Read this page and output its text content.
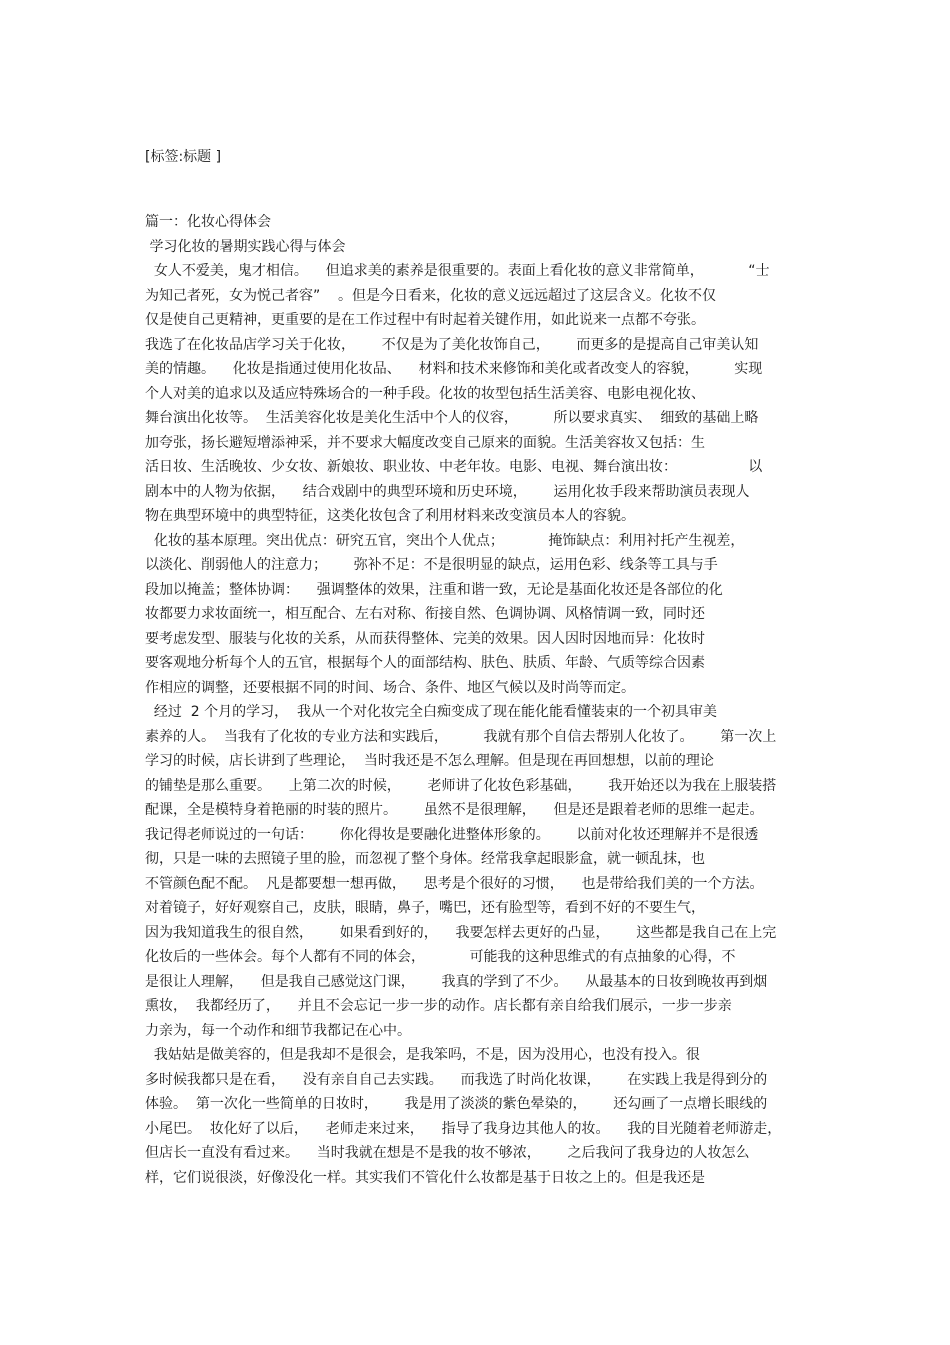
[标签:标题 ]
篇一：化妆心得体会
学习化妆的暑期实践心得与体会
女人不爱美，鬼才相信。    但追求美的素养是很重要的。表面上看化妆的意义非常简单，          “士
为知己者死，女为悦己者容”    。但是今日看来，化妆的意义远远超过了这层含义。化妆不仅
仅是使自己更精神，更重要的是在工作过程中有时起着关键作用，如此说来一点都不夸张。
我选了在化妆品店学习关于化妆，      不仅是为了美化妆饰自己，      而更多的是提高自己审美认知
美的情趣。    化妆是指通过使用化妆品、    材料和技术来修饰和美化或者改变人的容貌，        实现
个人对美的追求以及适应特殊场合的一种手段。化妆的妆型包括生活美容、电影电视化妆、
舞台演出化妆等。  生活美容化妆是美化生活中个人的仪容，        所以要求真实、  细致的基础上略
加夸张，扬长避短增添神采，并不要求大幅度改变自己原来的面貌。生活美容妆又包括：生
活日妆、生活晚妆、少女妆、新娘妆、职业妆、中老年妆。电影、电视、舞台演出妆：                以
剧本中的人物为依据，    结合戏剧中的典型环境和历史环境，      运用化妆手段来帮助演员表现人
物在典型环境中的典型特征，这类化妆包含了利用材料来改变演员本人的容貌。
化妆的基本原理。突出优点：研究五官，突出个人优点；          掩饰缺点：利用衬托产生视差，
以淡化、削弱他人的注意力；      弥补不足：不是很明显的缺点，运用色彩、线条等工具与手
段加以掩盖；整体协调：    强调整体的效果，注重和谐一致，无论是基面化妆还是各部位的化
妆都要力求妆面统一，相互配合、左右对称、衔接自然、色调协调、风格情调一致，同时还
要考虑发型、服装与化妆的关系，从而获得整体、完美的效果。因人因时因地而异：化妆时
要客观地分析每个人的五官，根据每个人的面部结构、肤色、肤质、年龄、气质等综合因素
作相应的调整，还要根据不同的时间、场合、条件、地区气候以及时尚等而定。
经过  2 个月的学习，  我从一个对化妆完全白痴变成了现在能化能看懂装束的一个初具审美
素养的人。  当我有了化妆的专业方法和实践后，        我就有那个自信去帮别人化妆了。      第一次上
学习的时候，店长讲到了些理论，  当时我还是不怎么理解。但是现在再回想想，以前的理论
的铺垫是那么重要。    上第二次的时候，      老师讲了化妆色彩基础，      我开始还以为我在上服装搭
配课，全是模特身着艳丽的时装的照片。      虽然不是很理解，    但是还是跟着老师的思维一起走。
我记得老师说过的一句话：      你化得妆是要融化进整体形象的。      以前对化妆还理解并不是很透
彻，只是一味的去照镜子里的脸，而忽视了整个身体。经常我拿起眼影盒，就一顿乱抹，也
不管颜色配不配。  凡是都要想一想再做，    思考是个很好的习惯，    也是带给我们美的一个方法。
对着镜子，好好观察自己，皮肤，眼睛，鼻子，嘴巴，还有脸型等，看到不好的不要生气，
因为我知道我生的很自然，      如果看到好的，    我要怎样去更好的凸显，      这些都是我自己在上完
化妆后的一些体会。每个人都有不同的体会，          可能我的这种思维式的有点抽象的心得，不
是很让人理解，    但是我自己感觉这门课，      我真的学到了不少。    从最基本的日妆到晚妆再到烟
熏妆，  我都经历了，    并且不会忘记一步一步的动作。店长都有亲自给我们展示，一步一步亲
力亲为，每一个动作和细节我都记在心中。
我姑姑是做美容的，但是我却不是很会，是我笨吗，不是，因为没用心，也没有投入。很
多时候我都只是在看，    没有亲自自己去实践。    而我选了时尚化妆课，      在实践上我是得到分的
体验。  第一次化一些简单的日妆时，      我是用了淡淡的紫色晕染的，      还勾画了一点增长眼线的
小尾巴。  妆化好了以后，    老师走来过来，    指导了我身边其他人的妆。    我的目光随着老师游走，
但店长一直没有看过来。    当时我就在想是不是我的妆不够浓，      之后我问了我身边的人妆怎么
样，它们说很淡，好像没化一样。其实我们不管化什么妆都是基于日妆之上的。但是我还是
